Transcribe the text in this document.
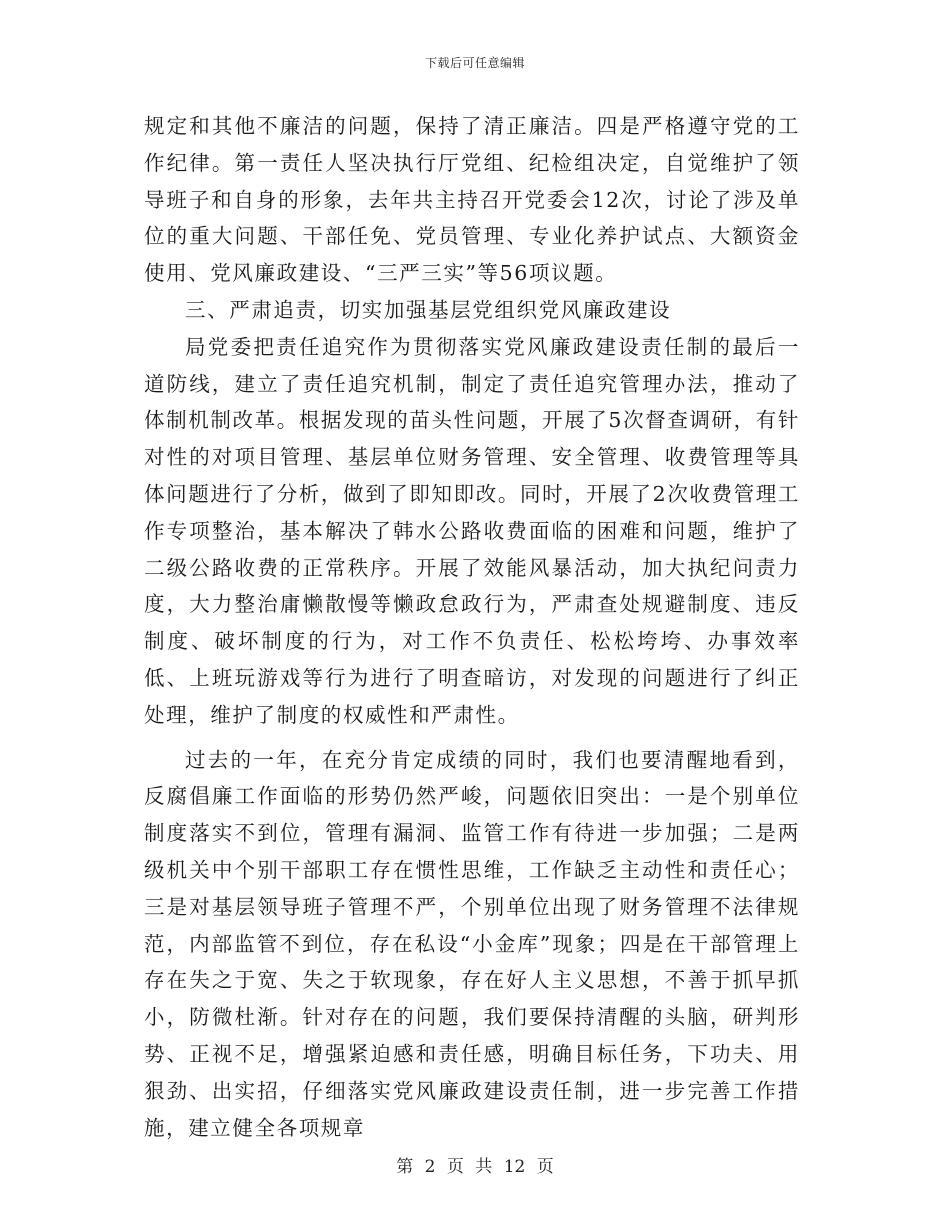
下载后可任意编辑

规定和其他不廉洁的问题，保持了清正廉洁。四是严格遵守党的工作纪律。第一责任人坚决执行厅党组、纪检组决定，自觉维护了领导班子和自身的形象，去年共主持召开党委会12次，讨论了涉及单位的重大问题、干部任免、党员管理、专业化养护试点、大额资金使用、党风廉政建设、“三严三实”等56项议题。

三、严肃追责，切实加强基层党组织党风廉政建设

局党委把责任追究作为贯彻落实党风廉政建设责任制的最后一道防线，建立了责任追究机制，制定了责任追究管理办法，推动了体制机制改革。根据发现的苗头性问题，开展了5次督查调研，有针对性的对项目管理、基层单位财务管理、安全管理、收费管理等具体问题进行了分析，做到了即知即改。同时，开展了2次收费管理工作专项整治，基本解决了韩水公路收费面临的困难和问题，维护了二级公路收费的正常秩序。开展了效能风暴活动，加大执纪问责力度，大力整治庸懒散慢等懒政怠政行为，严肃查处规避制度、违反制度、破坏制度的行为，对工作不负责任、松松垮垮、办事效率低、上班玩游戏等行为进行了明查暗访，对发现的问题进行了纠正处理，维护了制度的权威性和严肃性。

过去的一年，在充分肯定成绩的同时，我们也要清醒地看到，反腐倡廉工作面临的形势仍然严峻，问题依旧突出：一是个别单位制度落实不到位，管理有漏洞、监管工作有待进一步加强；二是两级机关中个别干部职工存在惯性思维，工作缺乏主动性和责任心；三是对基层领导班子管理不严，个别单位出现了财务管理不法律规范，内部监管不到位，存在私设“小金库”现象；四是在干部管理上存在失之于宽、失之于软现象，存在好人主义思想，不善于抓早抓小，防微杜渐。针对存在的问题，我们要保持清醒的头脑，研判形势、正视不足，增强紧迫感和责任感，明确目标任务，下功夫、用狠劲、出实招，仔细落实党风廉政建设责任制，进一步完善工作措施，建立健全各项规章

第 2 页 共 12 页
